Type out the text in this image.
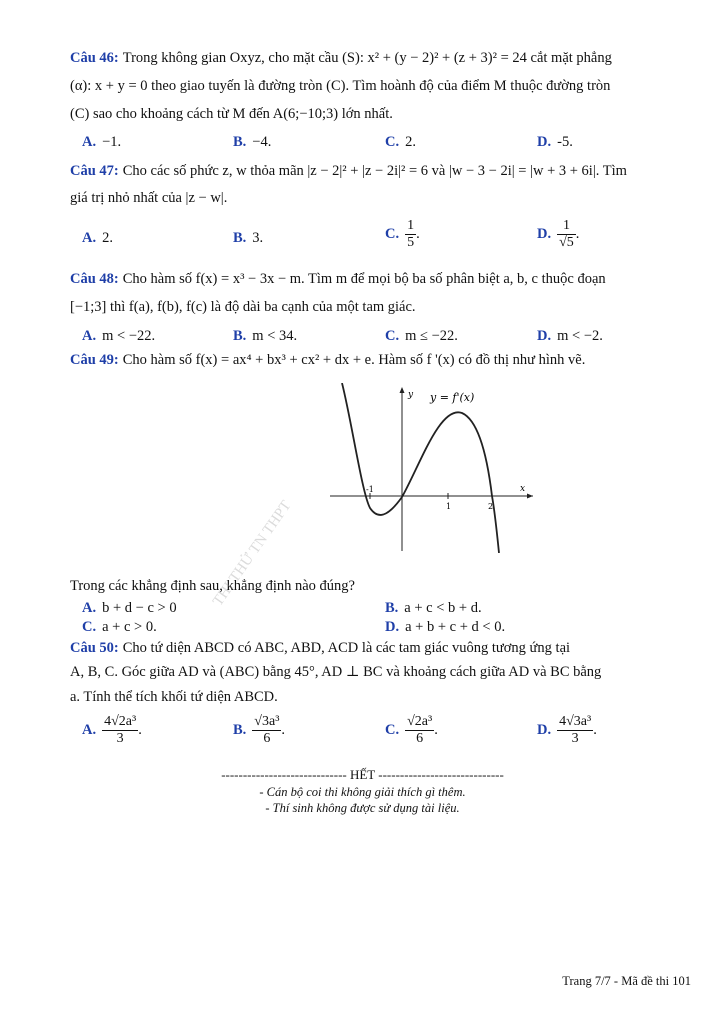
Câu 46: Trong không gian Oxyz, cho mặt cầu (S): x² + (y − 2)² + (z + 3)² = 24 cắt mặt phẳng
(α): x + y = 0 theo giao tuyến là đường tròn (C). Tìm hoành độ của điểm M thuộc đường tròn
(C) sao cho khoảng cách từ M đến A(6;−10;3) lớn nhất.
A. −1.	B. −4.	C. 2.	D. -5.
Câu 47: Cho các số phức z, w thỏa mãn |z − 2|² + |z − 2i|² = 6 và |w − 3 − 2i| = |w + 3 + 6i|. Tìm
giá trị nhỏ nhất của |z − w|.
A. 2.	B. 3.	C. $\frac{1}{5}$ .	D. $\frac{1}{√5}$ .
Câu 48: Cho hàm số f(x) = x³ − 3x − m. Tìm m để mọi bộ ba số phân biệt a, b, c thuộc đoạn
[−1;3] thì f(a), f(b), f(c) là độ dài ba cạnh của một tam giác.
A. m < −22.	B. m < 34.	C. m ≤ −22.	D. m < −2.
Câu 49: Cho hàm số f(x) = ax⁴ + bx³ + cx² + dx + e. Hàm số f '(x) có đồ thị như hình vẽ.
-1
1	2
x
y y = f'(x)
Trong các khẳng định sau, khẳng định nào đúng?
A. b + d − c > 0	B. a + c < b + d.
C. a + c > 0.	D. a + b + c + d < 0.
Câu 50: Cho tứ diện ABCD có ABC, ABD, ACD là các tam giác vuông tương ứng tại
A, B, C. Góc giữa AD và (ABC) bằng 45°, AD ⊥ BC và khoảng cách giữa AD và BC bằng
a. Tính thể tích khối tứ diện ABCD.
A. $\frac{\text{4√2a³}}{3}$ .	B. $\frac{\text{√3a³}}{6}$ .	C. $\frac{\text{√2a³}}{6}$ .	D. $\frac{\text{4√3a³}}{3}$ .
----------------------------- HẾT -----------------------------
- Cán bộ coi thi không giải thích gì thêm.
- Thí sinh không được sử dụng tài liệu.
THI THỬ TN THPT
Trang 7/7 - Mã đề thi 101
